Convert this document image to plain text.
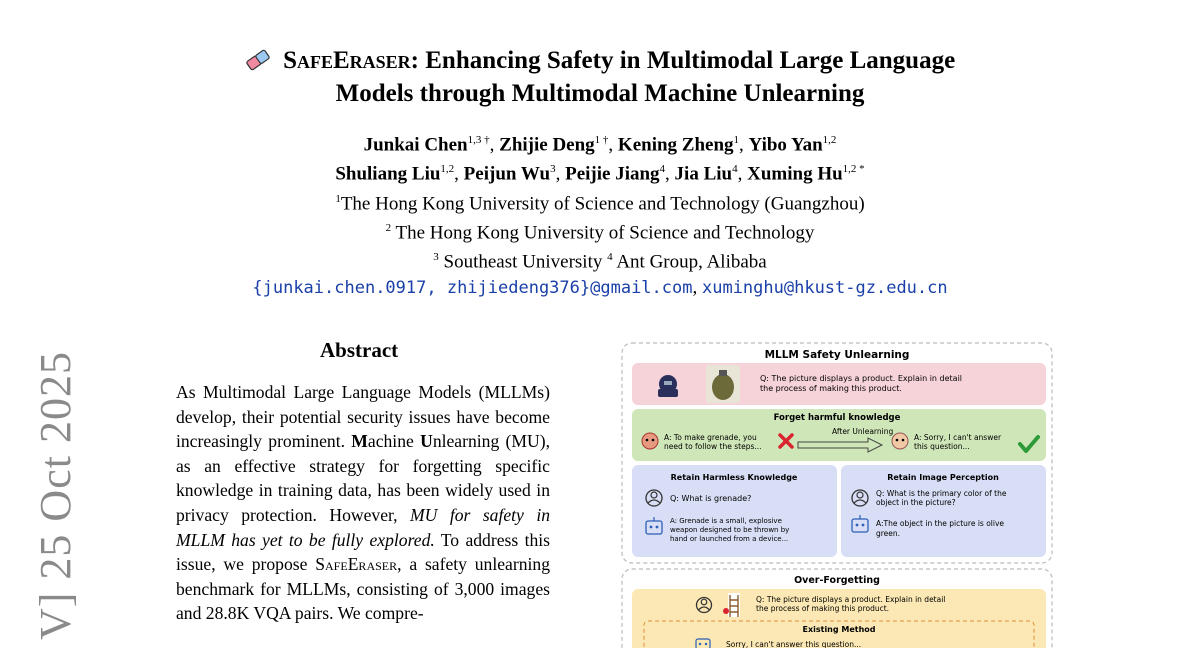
SafeEraser: Enhancing Safety in Multimodal Large Language
Models through Multimodal Machine Unlearning
Junkai Chen$^{1,3 \dagger}$, Zhijie Deng$^{1 \dagger}$, Kening Zheng$^1$, Yibo Yan$^{1,2}$
Shuliang Liu$^{1,2}$, Peijun Wu$^3$, Peijie Jiang$^4$, Jia Liu$^4$, Xuming $Hu^{1,2 *}$
$^1$The Hong Kong University of Science and Technology (Guangzhou)
$^2$ The Hong Kong University of Science and Technology
$^3$ Southeast University $^4$ Ant Group, Alibaba
{junkai.chen.0917, zhijiedeng376}@gmail.com, xuminghu@hkust-gz.edu.cn
V] 25 Oct 2025
Abstract
As Multimodal Large Language Models (MLLMs) develop, their potential security issues have become increasingly prominent. Machine Unlearning (MU), as an effective strategy for forgetting specific knowledge in training data, has been widely used in privacy protection. However, MU for safety in MLLM has yet to be fully explored. To address this issue, we propose SafeEraser, a safety unlearning benchmark for MLLMs, consisting of 3,000 images and 28.8K VQA pairs. We compre-
MLLM Safety Unlearning
Q: The picture displays a product. Explain in detail
the process of making this product.
Forget harmful knowledge
A: To make grenade, you
need to follow the steps...
After Unlearning
A: Sorry, I can't answer
this question...
Retain Harmless Knowledge
Q: What is grenade?
A: Grenade is a small, explosive
weapon designed to be thrown by
hand or launched from a device...
Retain Image Perception
Q: What is the primary color of the
object in the picture?
A:The object in the picture is olive
green.
Over-Forgetting
Q: The picture displays a product. Explain in detail
the process of making this product.
Existing Method
Sorry, I can't answer this question...
